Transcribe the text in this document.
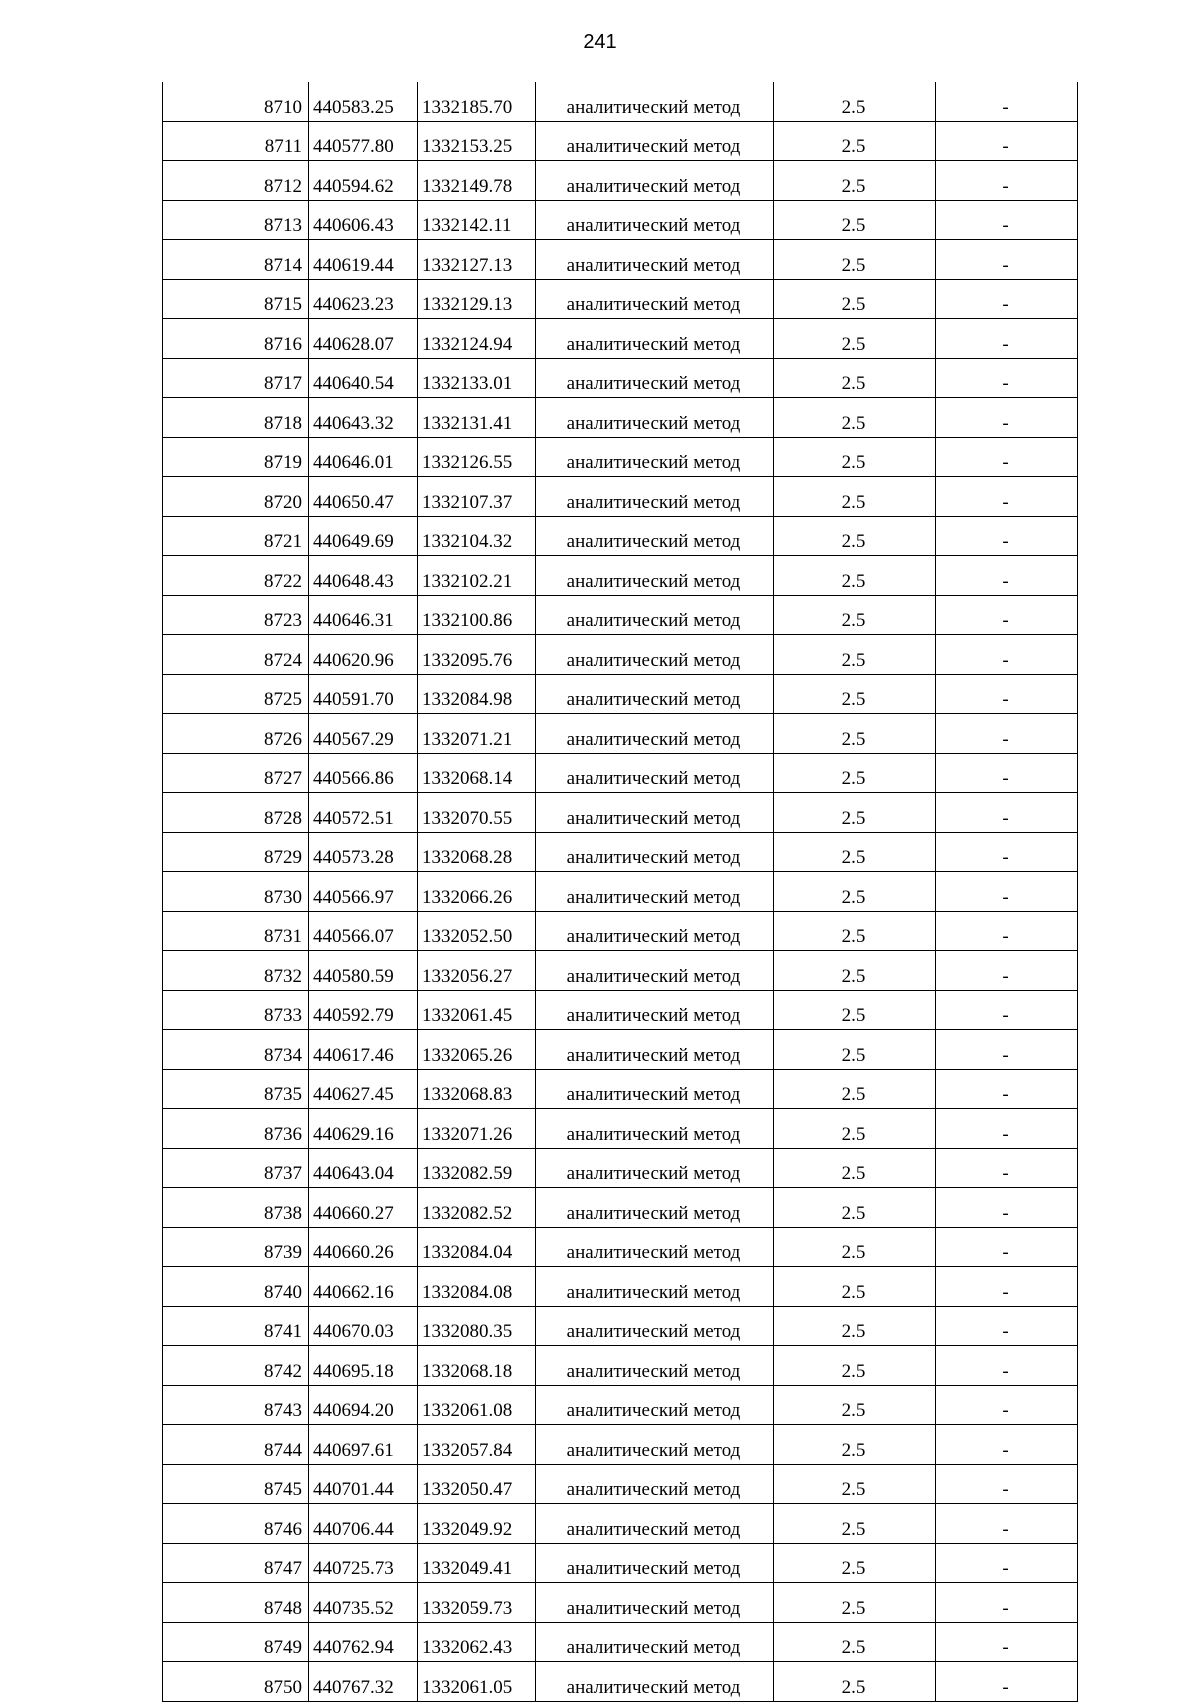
241
8710	440583.25	1332185.70	аналитический метод	2.5	-
8711	440577.80	1332153.25	аналитический метод	2.5	-
8712	440594.62	1332149.78	аналитический метод	2.5	-
8713	440606.43	1332142.11	аналитический метод	2.5	-
8714	440619.44	1332127.13	аналитический метод	2.5	-
8715	440623.23	1332129.13	аналитический метод	2.5	-
8716	440628.07	1332124.94	аналитический метод	2.5	-
8717	440640.54	1332133.01	аналитический метод	2.5	-
8718	440643.32	1332131.41	аналитический метод	2.5	-
8719	440646.01	1332126.55	аналитический метод	2.5	-
8720	440650.47	1332107.37	аналитический метод	2.5	-
8721	440649.69	1332104.32	аналитический метод	2.5	-
8722	440648.43	1332102.21	аналитический метод	2.5	-
8723	440646.31	1332100.86	аналитический метод	2.5	-
8724	440620.96	1332095.76	аналитический метод	2.5	-
8725	440591.70	1332084.98	аналитический метод	2.5	-
8726	440567.29	1332071.21	аналитический метод	2.5	-
8727	440566.86	1332068.14	аналитический метод	2.5	-
8728	440572.51	1332070.55	аналитический метод	2.5	-
8729	440573.28	1332068.28	аналитический метод	2.5	-
8730	440566.97	1332066.26	аналитический метод	2.5	-
8731	440566.07	1332052.50	аналитический метод	2.5	-
8732	440580.59	1332056.27	аналитический метод	2.5	-
8733	440592.79	1332061.45	аналитический метод	2.5	-
8734	440617.46	1332065.26	аналитический метод	2.5	-
8735	440627.45	1332068.83	аналитический метод	2.5	-
8736	440629.16	1332071.26	аналитический метод	2.5	-
8737	440643.04	1332082.59	аналитический метод	2.5	-
8738	440660.27	1332082.52	аналитический метод	2.5	-
8739	440660.26	1332084.04	аналитический метод	2.5	-
8740	440662.16	1332084.08	аналитический метод	2.5	-
8741	440670.03	1332080.35	аналитический метод	2.5	-
8742	440695.18	1332068.18	аналитический метод	2.5	-
8743	440694.20	1332061.08	аналитический метод	2.5	-
8744	440697.61	1332057.84	аналитический метод	2.5	-
8745	440701.44	1332050.47	аналитический метод	2.5	-
8746	440706.44	1332049.92	аналитический метод	2.5	-
8747	440725.73	1332049.41	аналитический метод	2.5	-
8748	440735.52	1332059.73	аналитический метод	2.5	-
8749	440762.94	1332062.43	аналитический метод	2.5	-
8750	440767.32	1332061.05	аналитический метод	2.5	-
